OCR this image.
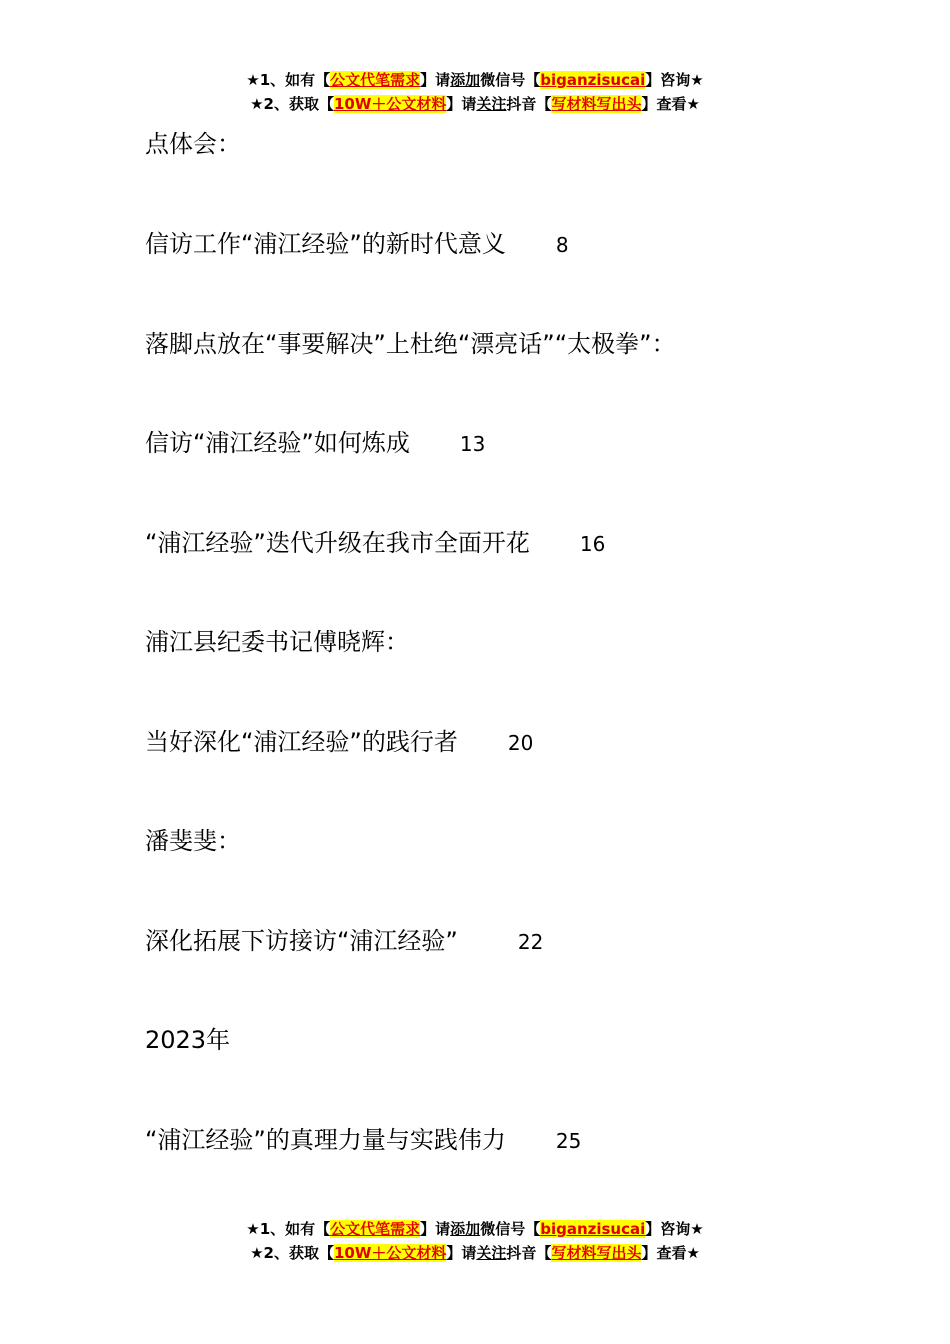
★1、如有【公文代笔需求】请添加微信号【biganzisucai】咨询★
★2、获取【10W＋公文材料】请关注抖音【写材料写出头】查看★
点体会：
信访工作“浦江经验”的新时代意义	8
落脚点放在“事要解决”上杜绝“漂亮话”“太极拳”：
信访“浦江经验”如何炼成	13
“浦江经验”迭代升级在我市全面开花	16
浦江县纪委书记傅晓辉：
当好深化“浦江经验”的践行者	20
潘斐斐：
深化拓展下访接访“浦江经验”	22
2023年
“浦江经验”的真理力量与实践伟力	25
★1、如有【公文代笔需求】请添加微信号【biganzisucai】咨询★
★2、获取【10W＋公文材料】请关注抖音【写材料写出头】查看★
